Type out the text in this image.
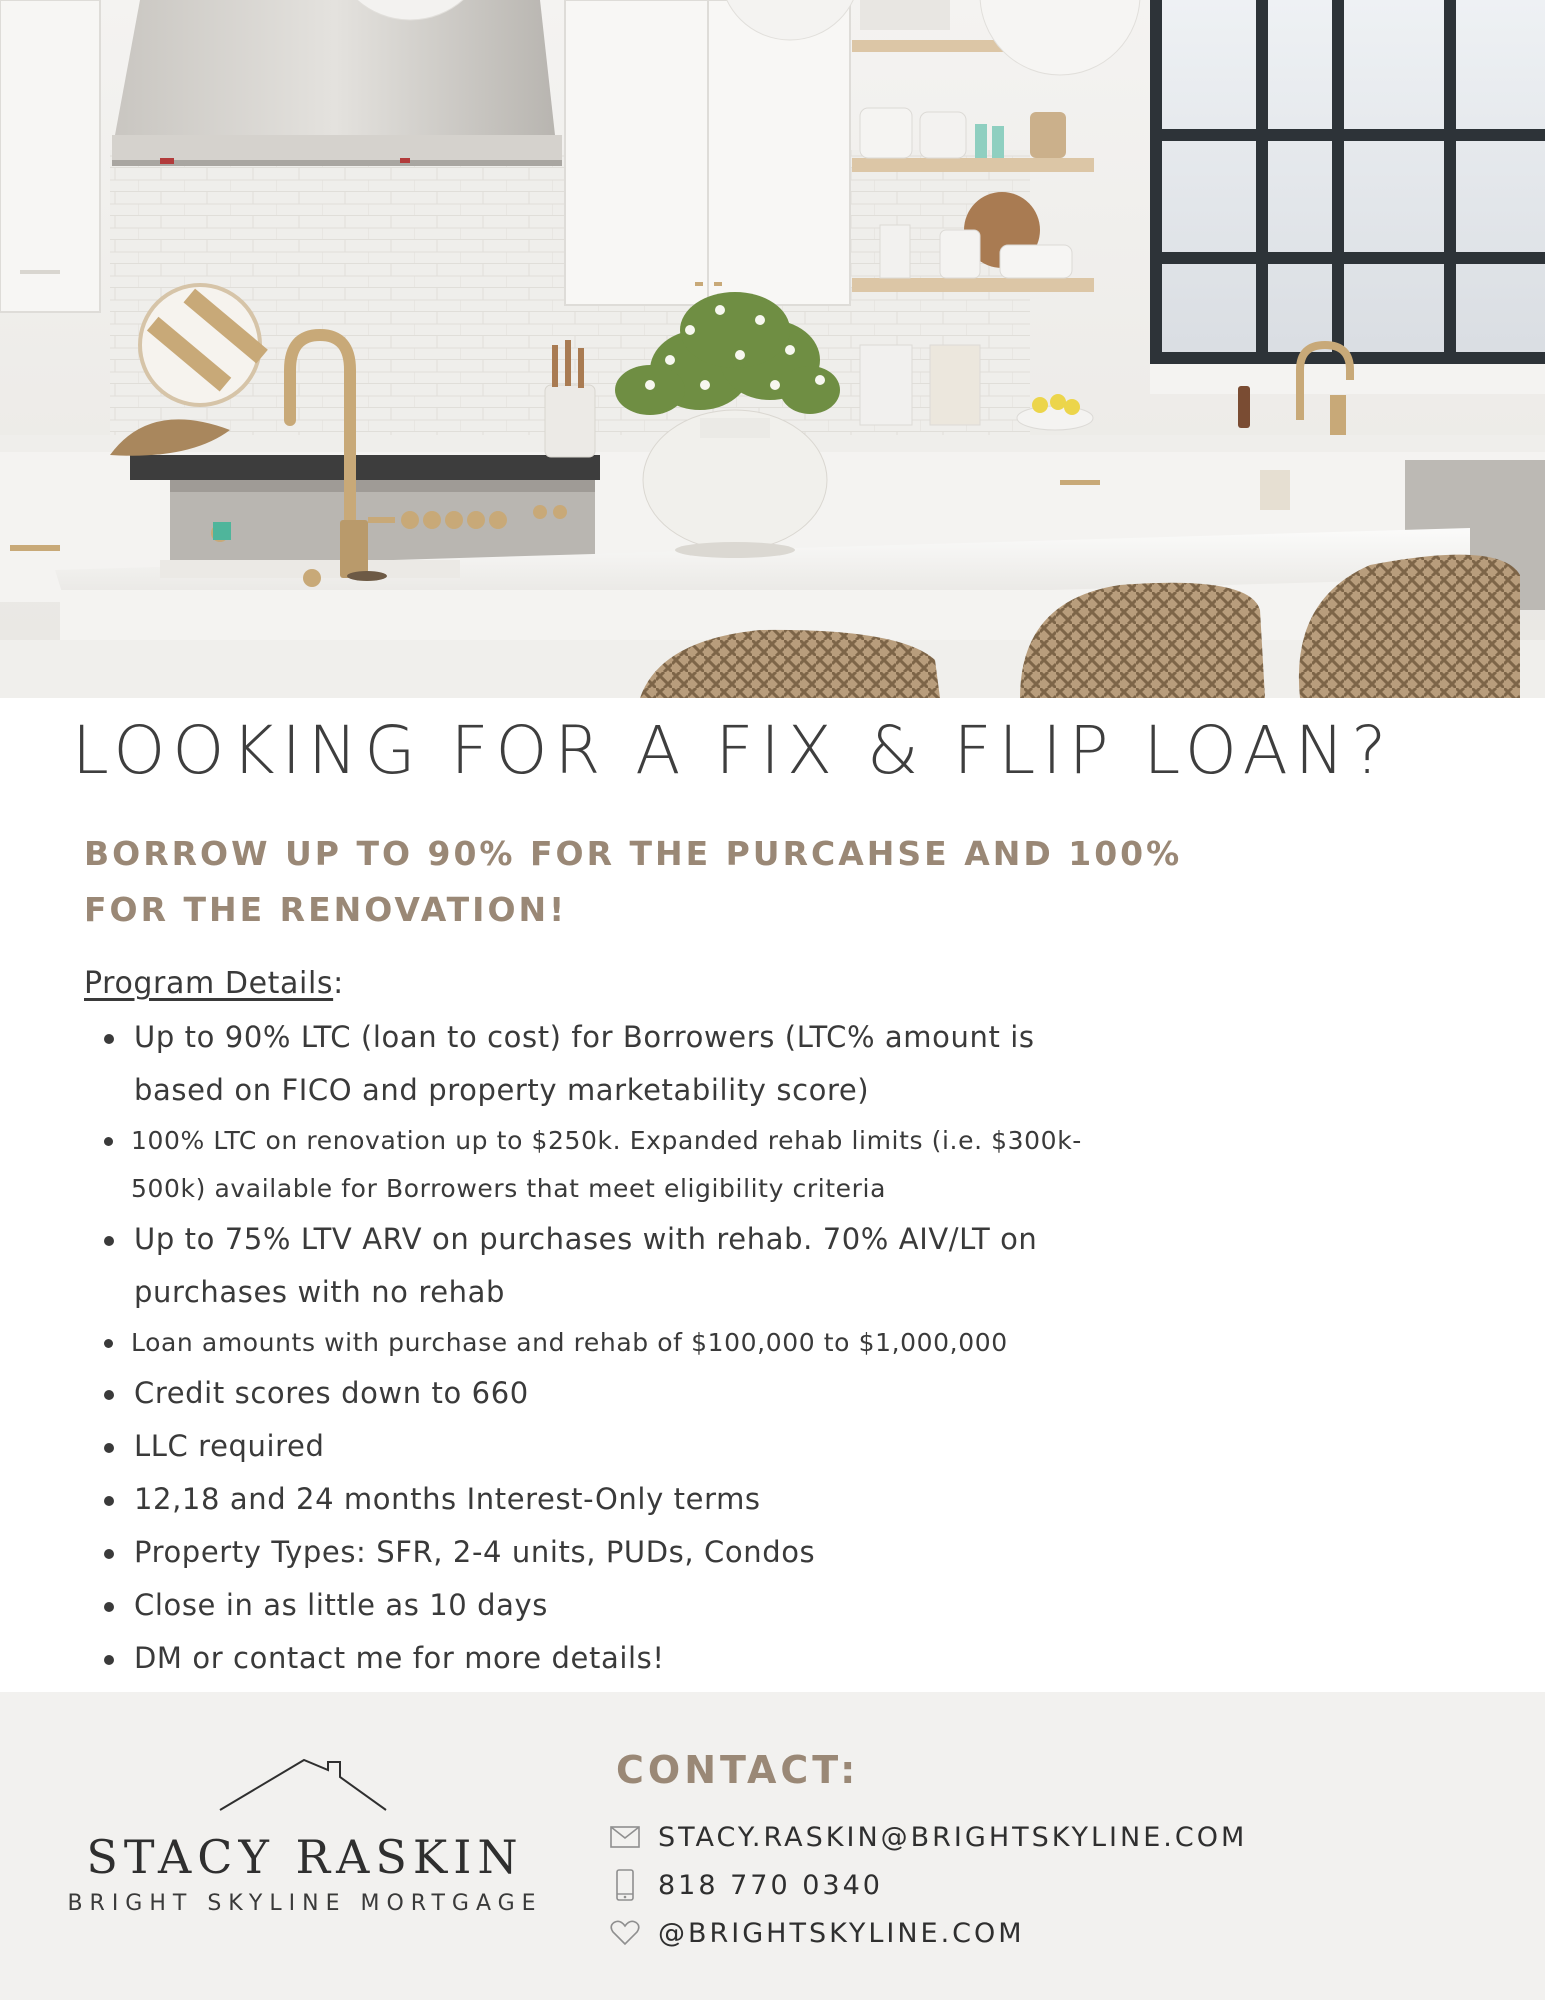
LOOKING FOR A FIX & FLIP LOAN?
BORROW UP TO 90% FOR THE PURCAHSE AND 100% FOR THE RENOVATION!
Program Details:
Up to 90% LTC (loan to cost) for Borrowers (LTC% amount is based on FICO and property marketability score)
100% LTC on renovation up to $250k. Expanded rehab limits (i.e. $300k-500k) available for Borrowers that meet eligibility criteria
Up to 75% LTV ARV on purchases with rehab. 70% AIV/LT on purchases with no rehab
Loan amounts with purchase and rehab of $100,000 to $1,000,000
Credit scores down to 660
LLC required
12,18 and 24 months Interest-Only terms
Property Types: SFR, 2-4 units, PUDs, Condos
Close in as little as 10 days
DM or contact me for more details!
STACY RASKIN
BRIGHT SKYLINE MORTGAGE
CONTACT:
STACY.RASKIN@BRIGHTSKYLINE.COM
818 770 0340
@BRIGHTSKYLINE.COM
